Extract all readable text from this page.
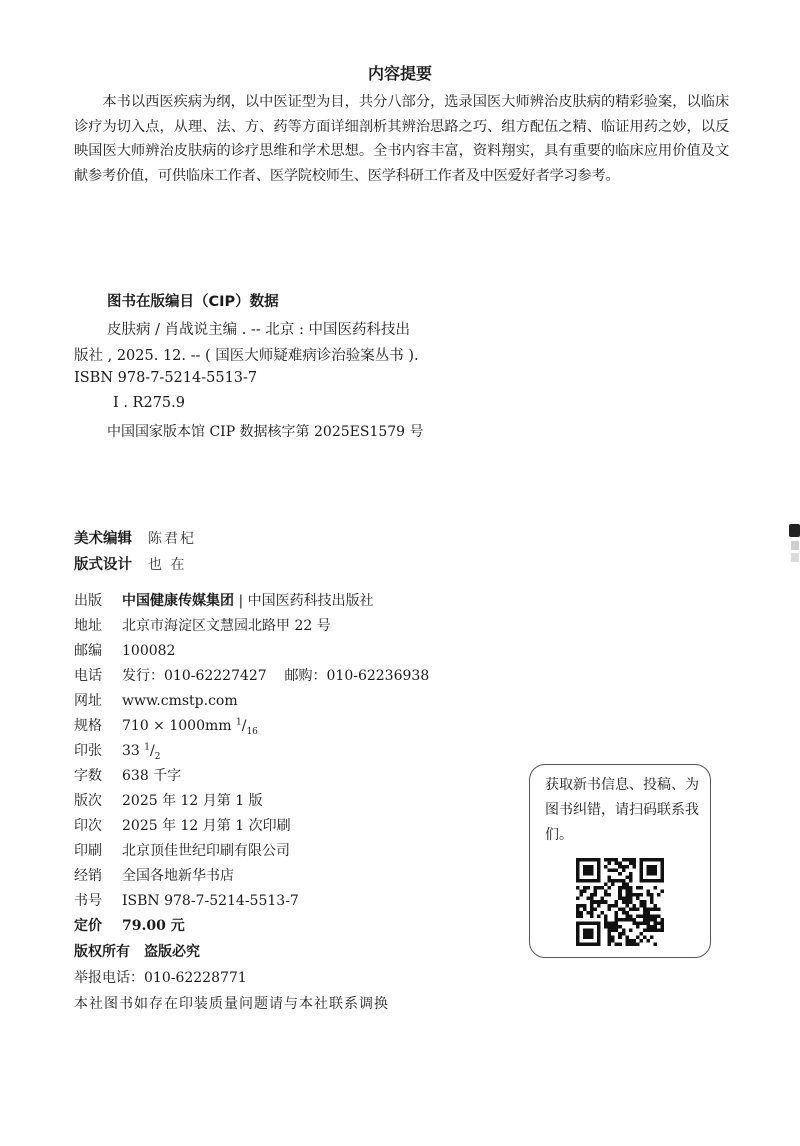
内容提要

本书以西医疾病为纲，以中医证型为目，共分八部分，选录国医大师辨治皮肤病的精彩验案，以临床诊疗为切入点，从理、法、方、药等方面详细剖析其辨治思路之巧、组方配伍之精、临证用药之妙，以反映国医大师辨治皮肤病的诊疗思维和学术思想。全书内容丰富，资料翔实，具有重要的临床应用价值及文献参考价值，可供临床工作者、医学院校师生、医学科研工作者及中医爱好者学习参考。

图书在版编目（CIP）数据
皮肤病 / 肖战说主编 . -- 北京 : 中国医药科技出
版社 , 2025. 12. -- ( 国医大师疑难病诊治验案丛书 ).
ISBN 978-7-5214-5513-7
Ⅰ . R275.9
中国国家版本馆 CIP 数据核字第 2025ES1579 号
美术编辑 陈君杞
版式设计 也 在
出版 中国健康传媒集团 | 中国医药科技出版社
地址 北京市海淀区文慧园北路甲 22 号
邮编 100082
电话 发行：010-62227427    邮购：010-62236938
网址 www.cmstp.com
规格 710 × 1000mm $^1/_{16}$
印张 33 $^1/_2$
字数 638 千字
版次 2025 年 12 月第 1 版
印次 2025 年 12 月第 1 次印刷
印刷 北京顶佳世纪印刷有限公司
经销 全国各地新华书店
书号 ISBN 978-7-5214-5513-7
定价 79.00 元
版权所有　盗版必究
举报电话：010-62228771
本社图书如存在印装质量问题请与本社联系调换
获取新书信息、投稿、为图书纠错，请扫码联系我们。
